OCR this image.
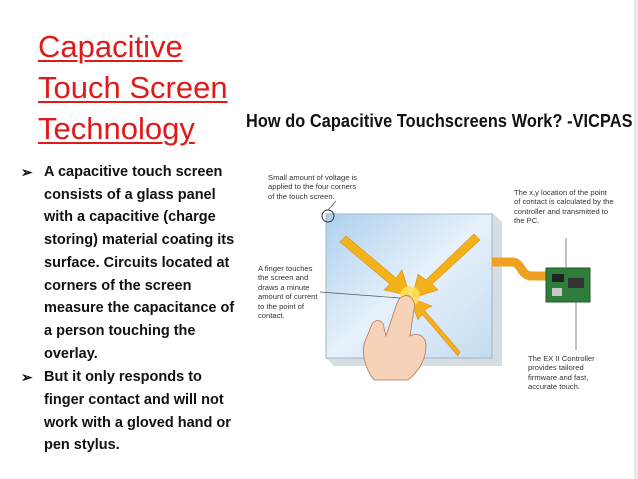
Capacitive
Touch Screen
Technology	How do Capacitive Touchscreens Work? -VICPAS
➢ A capacitive touch screen consists of a glass panel with a capacitive (charge storing) material coating its surface. Circuits located at corners of the screen measure the capacitance of a person touching the overlay.
➢ But it only responds to finger contact and will not work with a gloved hand or pen stylus.
Small amount of voltage is
applied to the four corners
of the touch screen.	The x,y location of the point
of contact is calculated by the
controller and transmitted to
the PC.
A finger touches
the screen and
draws a minute
amount of current
to the point of
contact.
The EX II Controller
provides tailored
firmware and fast,
accurate touch.
